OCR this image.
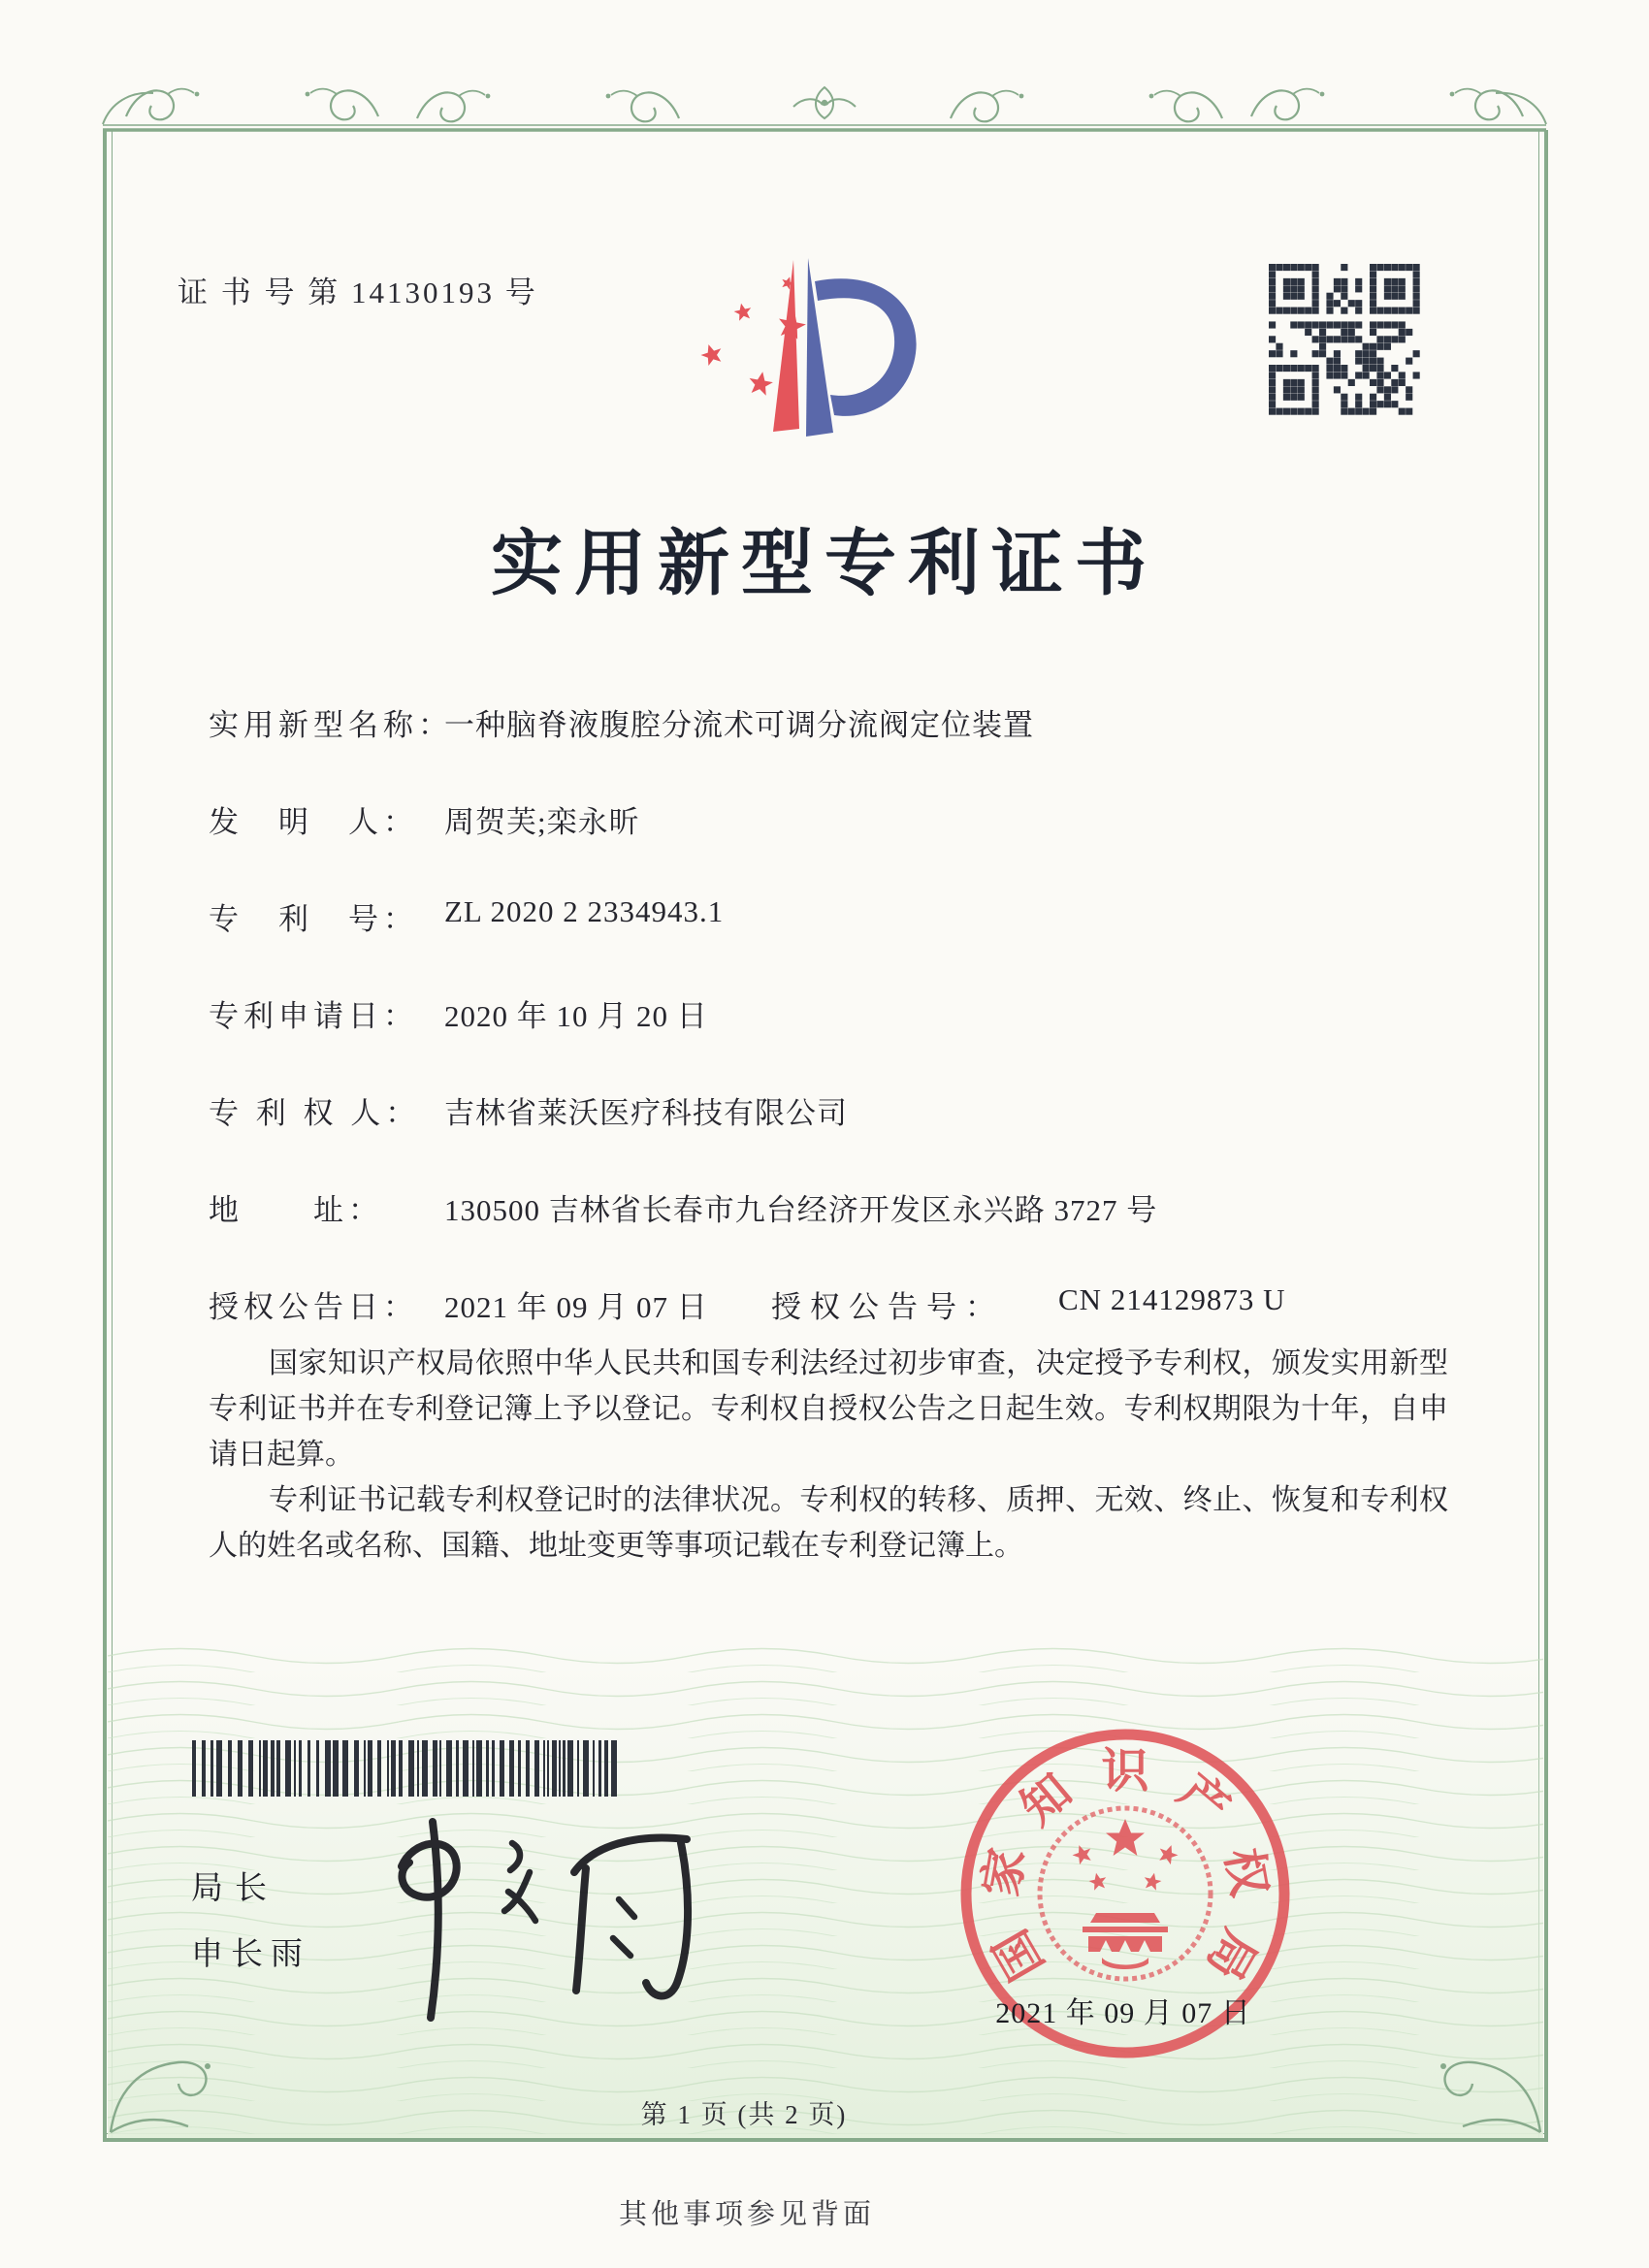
证 书 号 第 14130193 号
实用新型专利证书
实用新型名称：
一种脑脊液腹腔分流术可调分流阀定位装置
发　明　人： 周贺芙;栾永昕
专　利　号： ZL 2020 2 2334943.1
专利申请日： 2020 年 10 月 20 日
专 利 权 人： 吉林省莱沃医疗科技有限公司
地　　址： 130500 吉林省长春市九台经济开发区永兴路 3727 号
授权公告日： 2021 年 09 月 07 日 授权公告号： CN 214129873 U

国家知识产权局依照中华人民共和国专利法经过初步审查，决定授予专利权，颁发实用新型专利证书并在专利登记簿上予以登记。专利权自授权公告之日起生效。专利权期限为十年，自申请日起算。

专利证书记载专利权登记时的法律状况。专利权的转移、质押、无效、终止、恢复和专利权人的姓名或名称、国籍、地址变更等事项记载在专利登记簿上。

局长
申长雨	国
家
知 识 产
权
局
2021 年 09 月 07 日
第 1 页 (共 2 页)
其他事项参见背面
